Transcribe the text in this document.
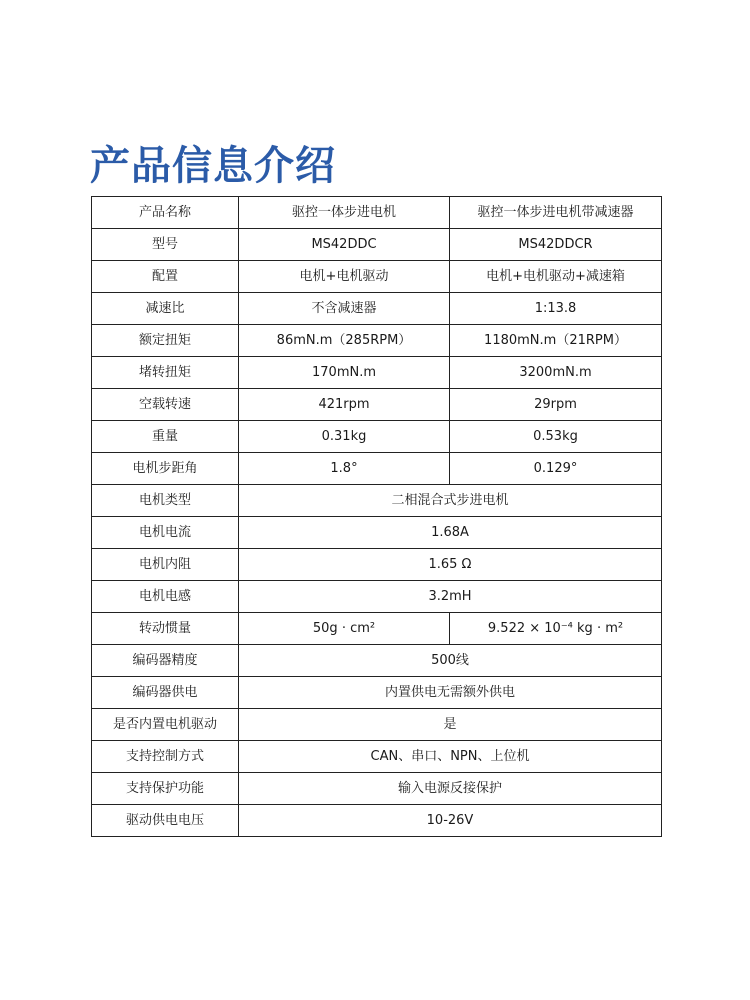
产品信息介绍
产品名称	驱控一体步进电机	驱控一体步进电机带减速器
型号	MS42DDC	MS42DDCR
配置	电机+电机驱动	电机+电机驱动+减速箱
减速比	不含减速器	1:13.8
额定扭矩	86mN.m（285RPM）	1180mN.m（21RPM）
堵转扭矩	170mN.m	3200mN.m
空载转速	421rpm	29rpm
重量	0.31kg	0.53kg
电机步距角	1.8°	0.129°
电机类型	二相混合式步进电机	
电机电流	1.68A	
电机内阻	1.65 Ω	
电机电感	3.2mH	
转动惯量	50g · cm²	9.522 × 10⁻⁴ kg · m²
编码器精度	500线	
编码器供电	内置供电无需额外供电	
是否内置电机驱动	是	
支持控制方式	CAN、串口、NPN、上位机	
支持保护功能	输入电源反接保护	
驱动供电电压	10-26V	
